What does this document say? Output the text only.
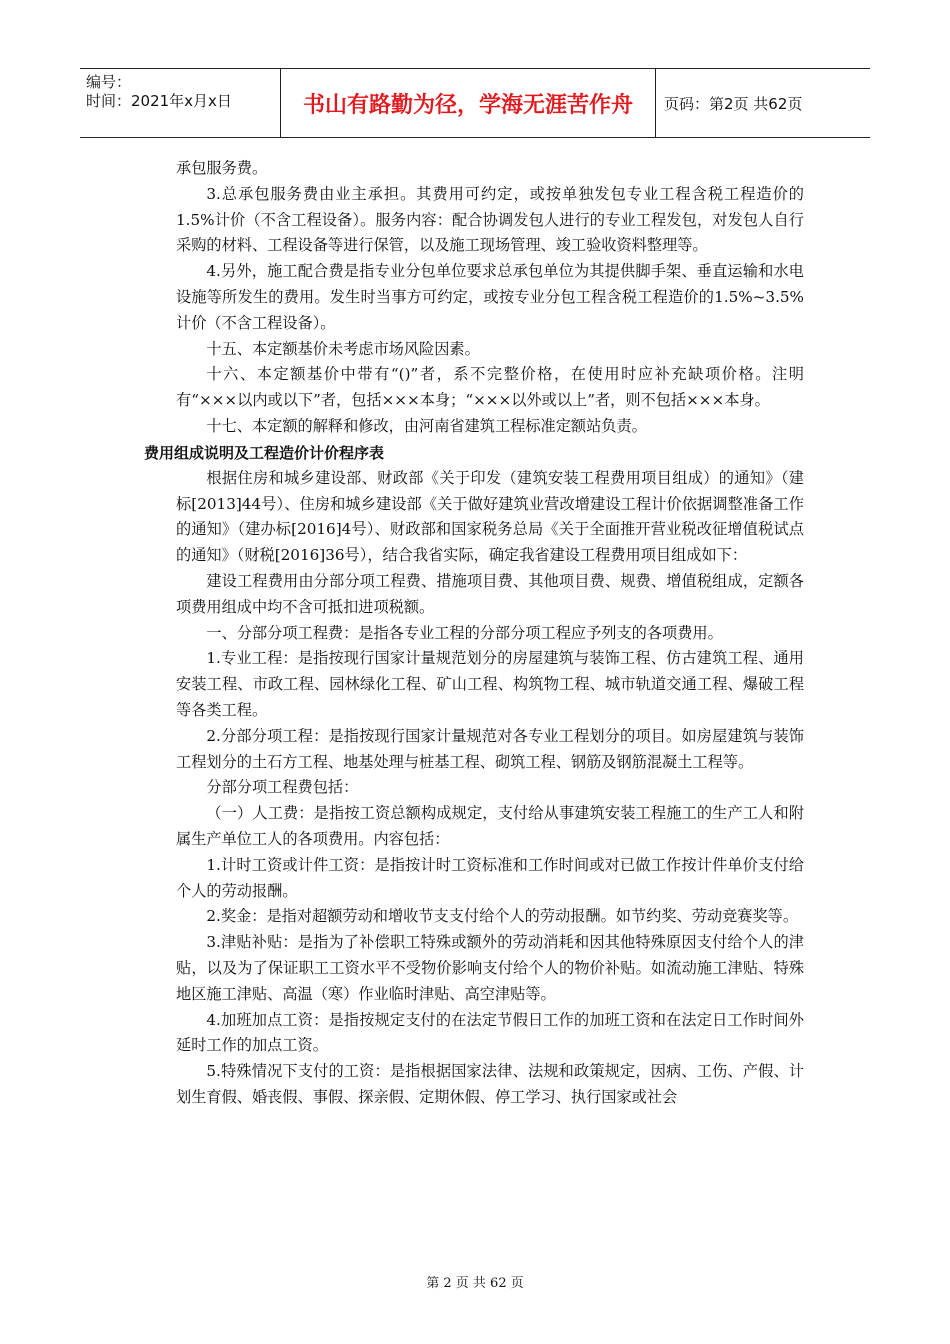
编号：
时间：2021年x月x日	书山有路勤为径，学海无涯苦作舟	页码：第2页 共62页

承包服务费。

3.总承包服务费由业主承担。其费用可约定，或按单独发包专业工程含税工程造价的1.5%计价（不含工程设备）。服务内容：配合协调发包人进行的专业工程发包，对发包人自行采购的材料、工程设备等进行保管，以及施工现场管理、竣工验收资料整理等。

4.另外，施工配合费是指专业分包单位要求总承包单位为其提供脚手架、垂直运输和水电设施等所发生的费用。发生时当事方可约定，或按专业分包工程含税工程造价的1.5%~3.5%计价（不含工程设备）。

十五、本定额基价未考虑市场风险因素。

十六、本定额基价中带有“()”者，系不完整价格，在使用时应补充缺项价格。注明有“×××以内或以下”者，包括×××本身；“×××以外或以上”者，则不包括×××本身。

十七、本定额的解释和修改，由河南省建筑工程标准定额站负责。

费用组成说明及工程造价计价程序表

根据住房和城乡建设部、财政部《关于印发（建筑安装工程费用项目组成）的通知》（建标[2013]44号）、住房和城乡建设部《关于做好建筑业营改增建设工程计价依据调整准备工作的通知》（建办标[2016]4号）、财政部和国家税务总局《关于全面推开营业税改征增值税试点的通知》（财税[2016]36号），结合我省实际，确定我省建设工程费用项目组成如下：

建设工程费用由分部分项工程费、措施项目费、其他项目费、规费、增值税组成，定额各项费用组成中均不含可抵扣进项税额。

一、分部分项工程费：是指各专业工程的分部分项工程应予列支的各项费用。

1.专业工程：是指按现行国家计量规范划分的房屋建筑与装饰工程、仿古建筑工程、通用安装工程、市政工程、园林绿化工程、矿山工程、构筑物工程、城市轨道交通工程、爆破工程等各类工程。

2.分部分项工程：是指按现行国家计量规范对各专业工程划分的项目。如房屋建筑与装饰工程划分的土石方工程、地基处理与桩基工程、砌筑工程、钢筋及钢筋混凝土工程等。

分部分项工程费包括：

（一）人工费：是指按工资总额构成规定，支付给从事建筑安装工程施工的生产工人和附属生产单位工人的各项费用。内容包括：

1.计时工资或计件工资：是指按计时工资标准和工作时间或对已做工作按计件单价支付给个人的劳动报酬。

2.奖金：是指对超额劳动和增收节支支付给个人的劳动报酬。如节约奖、劳动竞赛奖等。

3.津贴补贴：是指为了补偿职工特殊或额外的劳动消耗和因其他特殊原因支付给个人的津贴，以及为了保证职工工资水平不受物价影响支付给个人的物价补贴。如流动施工津贴、特殊地区施工津贴、高温（寒）作业临时津贴、高空津贴等。

4.加班加点工资：是指按规定支付的在法定节假日工作的加班工资和在法定日工作时间外延时工作的加点工资。

5.特殊情况下支付的工资：是指根据国家法律、法规和政策规定，因病、工伤、产假、计划生育假、婚丧假、事假、探亲假、定期休假、停工学习、执行国家或社会

第 2 页 共 62 页
